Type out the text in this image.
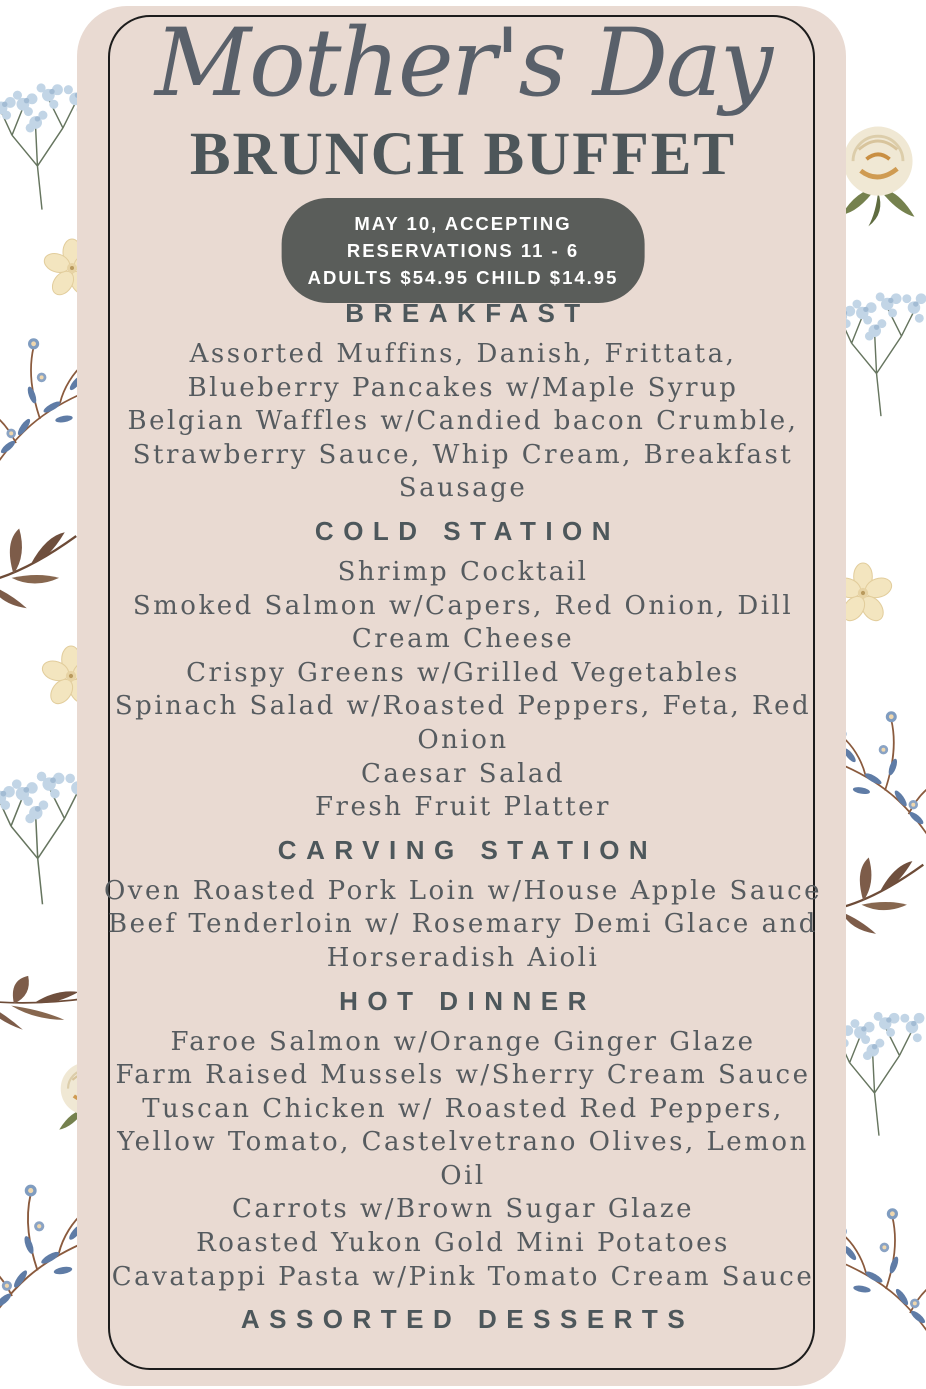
Mother's Day
BRUNCH BUFFET
MAY 10, ACCEPTING
RESERVATIONS 11 - 6
ADULTS $54.95 CHILD $14.95
BREAKFAST
Assorted Muffins, Danish, Frittata,
Blueberry Pancakes w/Maple Syrup
Belgian Waffles w/Candied bacon Crumble,
Strawberry Sauce, Whip Cream, Breakfast
Sausage
COLD STATION
Shrimp Cocktail
Smoked Salmon w/Capers, Red Onion, Dill
Cream Cheese
Crispy Greens w/Grilled Vegetables
Spinach Salad w/Roasted Peppers, Feta, Red
Onion
Caesar Salad
Fresh Fruit Platter
CARVING STATION
Oven Roasted Pork Loin w/House Apple Sauce
Beef Tenderloin w/ Rosemary Demi Glace and
Horseradish Aioli
HOT DINNER
Faroe Salmon w/Orange Ginger Glaze
Farm Raised Mussels w/Sherry Cream Sauce
Tuscan Chicken w/ Roasted Red Peppers,
Yellow Tomato, Castelvetrano Olives, Lemon
Oil
Carrots w/Brown Sugar Glaze
Roasted Yukon Gold Mini Potatoes
Cavatappi Pasta w/Pink Tomato Cream Sauce
ASSORTED DESSERTS
